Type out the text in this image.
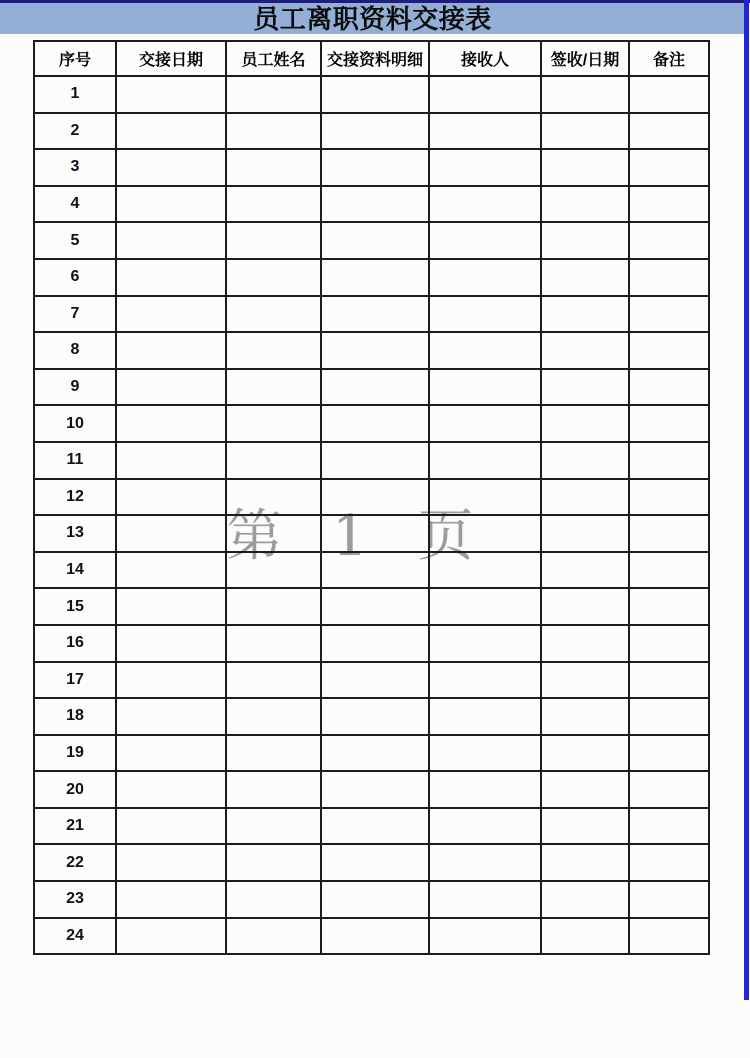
员工离职资料交接表
第 1 页
序号	交接日期	员工姓名	交接资料明细	接收人	签收/日期	备注
1						
2						
3						
4						
5						
6						
7						
8						
9						
10						
11						
12						
13						
14						
15						
16						
17						
18						
19						
20						
21						
22						
23						
24						
